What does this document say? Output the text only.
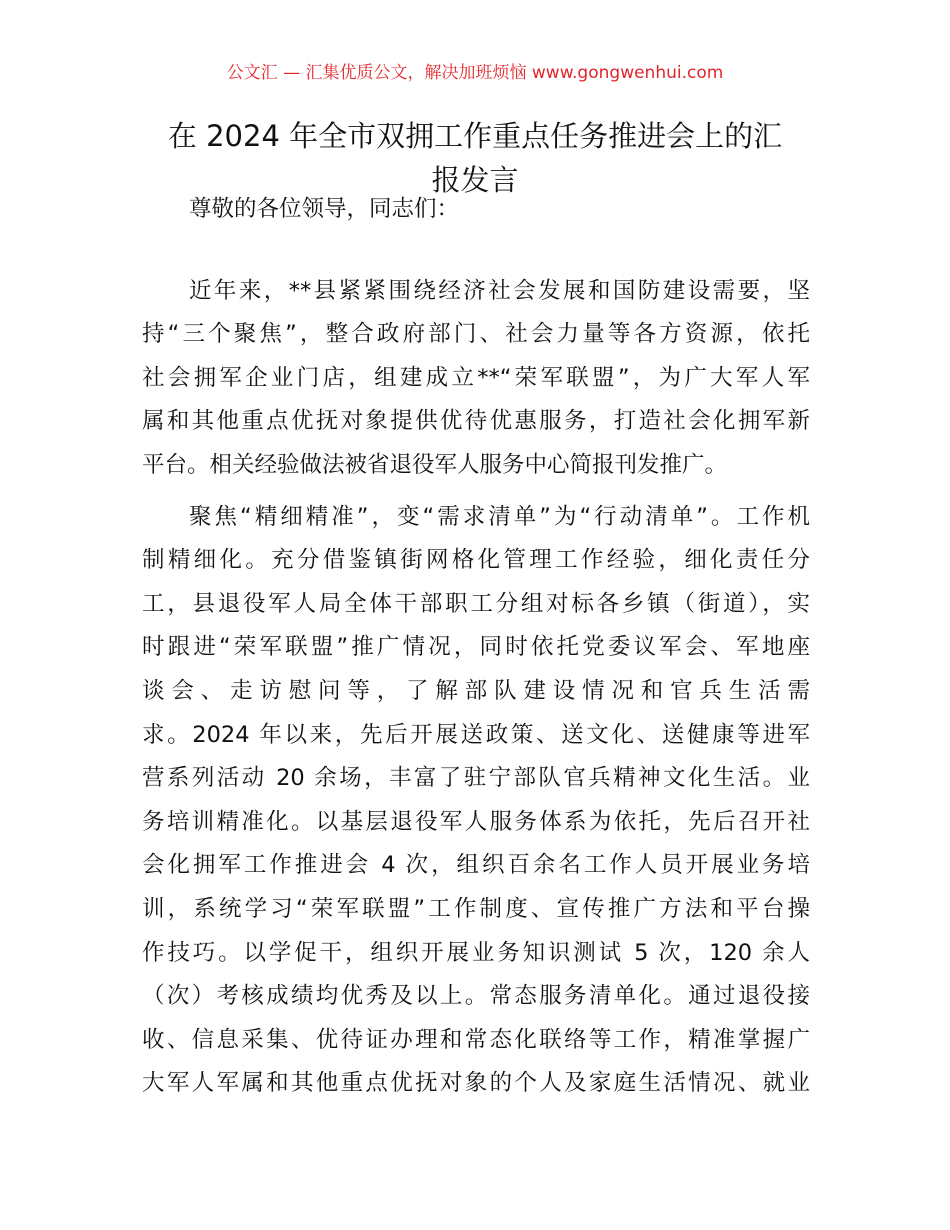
公文汇 — 汇集优质公文，解决加班烦恼 www.gongwenhui.com
在 2024 年全市双拥工作重点任务推进会上的汇
报发言
尊敬的各位领导，同志们：
近年来，**县紧紧围绕经济社会发展和国防建设需要，坚
持“三个聚焦”，整合政府部门、社会力量等各方资源，依托
社会拥军企业门店，组建成立**“荣军联盟”，为广大军人军
属和其他重点优抚对象提供优待优惠服务，打造社会化拥军新
平台。相关经验做法被省退役军人服务中心简报刊发推广。
聚焦“精细精准”，变“需求清单”为“行动清单”。工作机
制精细化。充分借鉴镇街网格化管理工作经验，细化责任分
工，县退役军人局全体干部职工分组对标各乡镇（街道），实
时跟进“荣军联盟”推广情况，同时依托党委议军会、军地座
谈会、走访慰问等，了解部队建设情况和官兵生活需
求。2024 年以来，先后开展送政策、送文化、送健康等进军
营系列活动 20 余场，丰富了驻宁部队官兵精神文化生活。业
务培训精准化。以基层退役军人服务体系为依托，先后召开社
会化拥军工作推进会 4 次，组织百余名工作人员开展业务培
训，系统学习“荣军联盟”工作制度、宣传推广方法和平台操
作技巧。以学促干，组织开展业务知识测试 5 次，120 余人
（次）考核成绩均优秀及以上。常态服务清单化。通过退役接
收、信息采集、优待证办理和常态化联络等工作，精准掌握广
大军人军属和其他重点优抚对象的个人及家庭生活情况、就业
